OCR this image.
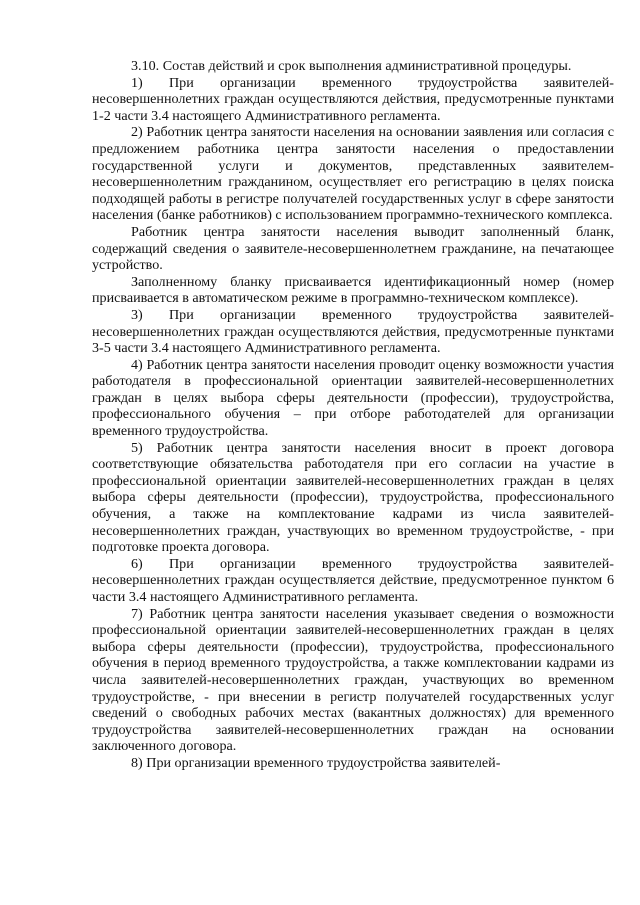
3.10. Состав действий и срок выполнения административной процедуры.

1) При организации временного трудоустройства заявителей-несовершеннолетних граждан осуществляются действия, предусмотренные пунктами 1-2 части 3.4 настоящего Административного регламента.

2) Работник центра занятости населения на основании заявления или согласия с предложением работника центра занятости населения о предоставлении государственной услуги и документов, представленных заявителем-несовершеннолетним гражданином, осуществляет его регистрацию в целях поиска подходящей работы в регистре получателей государственных услуг в сфере занятости населения (банке работников) с использованием программно-технического комплекса.

Работник центра занятости населения выводит заполненный бланк, содержащий сведения о заявителе-несовершеннолетнем гражданине, на печатающее устройство.

Заполненному бланку присваивается идентификационный номер (номер присваивается в автоматическом режиме в программно-техническом комплексе).

3) При организации временного трудоустройства заявителей-несовершеннолетних граждан осуществляются действия, предусмотренные пунктами 3-5 части 3.4 настоящего Административного регламента.

4) Работник центра занятости населения проводит оценку возможности участия работодателя в профессиональной ориентации заявителей-несовершеннолетних граждан в целях выбора сферы деятельности (профессии), трудоустройства, профессионального обучения – при отборе работодателей для организации временного трудоустройства.

5) Работник центра занятости населения вносит в проект договора соответствующие обязательства работодателя при его согласии на участие в профессиональной ориентации заявителей-несовершеннолетних граждан в целях выбора сферы деятельности (профессии), трудоустройства, профессионального обучения, а также на комплектование кадрами из числа заявителей-несовершеннолетних граждан, участвующих во временном трудоустройстве, - при подготовке проекта договора.

6) При организации временного трудоустройства заявителей-несовершеннолетних граждан осуществляется действие, предусмотренное пунктом 6 части 3.4 настоящего Административного регламента.

7) Работник центра занятости населения указывает сведения о возможности профессиональной ориентации заявителей-несовершеннолетних граждан в целях выбора сферы деятельности (профессии), трудоустройства, профессионального обучения в период временного трудоустройства, а также комплектовании кадрами из числа заявителей-несовершеннолетних граждан, участвующих во временном трудоустройстве, - при внесении в регистр получателей государственных услуг сведений о свободных рабочих местах (вакантных должностях) для временного трудоустройства заявителей-несовершеннолетних граждан на основании заключенного договора.

8) При организации временного трудоустройства заявителей-
